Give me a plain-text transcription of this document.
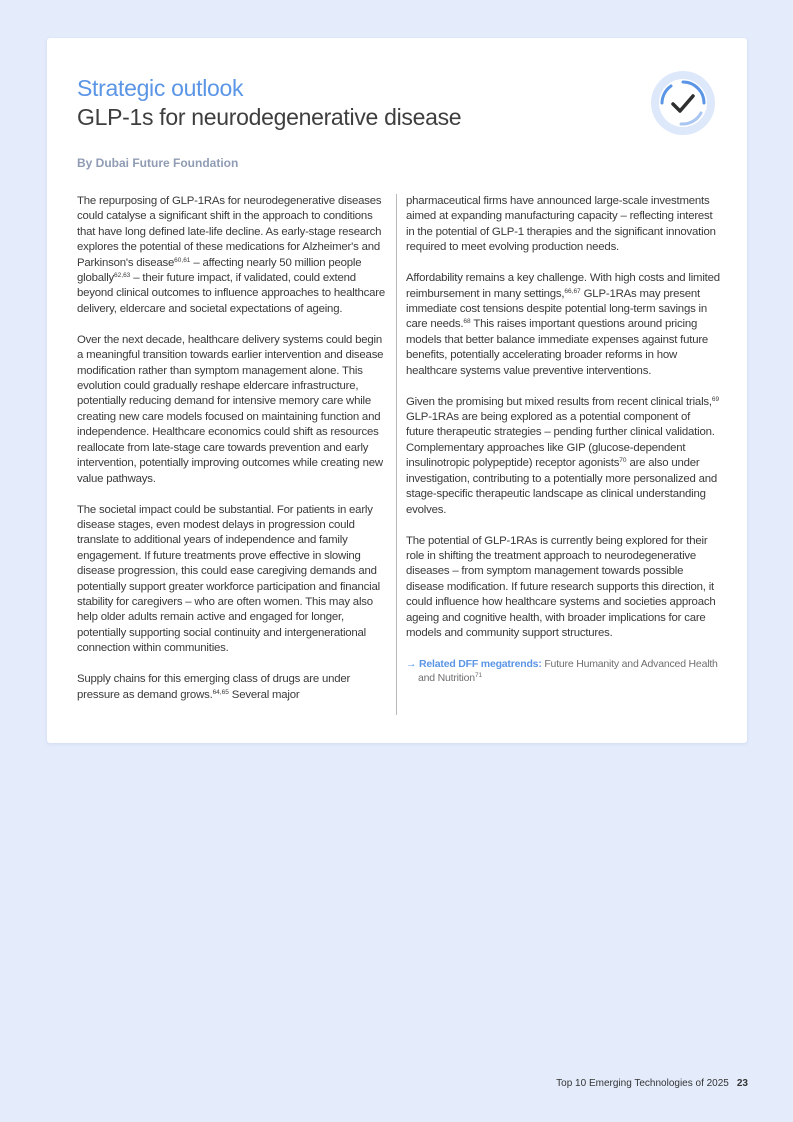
Strategic outlook
GLP-1s for neurodegenerative disease
By Dubai Future Foundation

The repurposing of GLP-1RAs for neurodegenerative diseases could catalyse a significant shift in the approach to conditions that have long defined late-life decline. As early-stage research explores the potential of these medications for Alzheimer's and Parkinson's disease$^{60,61}$ – affecting nearly 50 million people globally$^{62,63}$ – their future impact, if validated, could extend beyond clinical outcomes to influence approaches to healthcare delivery, eldercare and societal expectations of ageing.

Over the next decade, healthcare delivery systems could begin a meaningful transition towards earlier intervention and disease modification rather than symptom management alone. This evolution could gradually reshape eldercare infrastructure, potentially reducing demand for intensive memory care while creating new care models focused on maintaining function and independence. Healthcare economics could shift as resources reallocate from late-stage care towards prevention and early intervention, potentially improving outcomes while creating new value pathways.

The societal impact could be substantial. For patients in early disease stages, even modest delays in progression could translate to additional years of independence and family engagement. If future treatments prove effective in slowing disease progression, this could ease caregiving demands and potentially support greater workforce participation and financial stability for caregivers – who are often women. This may also help older adults remain active and engaged for longer, potentially supporting social continuity and intergenerational connection within communities.

Supply chains for this emerging class of drugs are under pressure as demand grows.$^{64,65}$ Several major

pharmaceutical firms have announced large-scale investments aimed at expanding manufacturing capacity – reflecting interest in the potential of GLP-1 therapies and the significant innovation required to meet evolving production needs.

Affordability remains a key challenge. With high costs and limited reimbursement in many settings,$^{66,67}$ GLP-1RAs may present immediate cost tensions despite potential long-term savings in care needs.$^{68}$ This raises important questions around pricing models that better balance immediate expenses against future benefits, potentially accelerating broader reforms in how healthcare systems value preventive interventions.

Given the promising but mixed results from recent clinical trials,$^{69}$ GLP-1RAs are being explored as a potential component of future therapeutic strategies – pending further clinical validation. Complementary approaches like GIP (glucose-dependent insulinotropic polypeptide) receptor agonists$^{70}$ are also under investigation, contributing to a potentially more personalized and stage-specific therapeutic landscape as clinical understanding evolves.

The potential of GLP-1RAs is currently being explored for their role in shifting the treatment approach to neurodegenerative diseases – from symptom management towards possible disease modification. If future research supports this direction, it could influence how healthcare systems and societies approach ageing and cognitive health, with broader implications for care models and community support structures.

→ Related DFF megatrends: Future Humanity and Advanced Health and Nutrition$^{71}$
Top 10 Emerging Technologies of 2025 23
